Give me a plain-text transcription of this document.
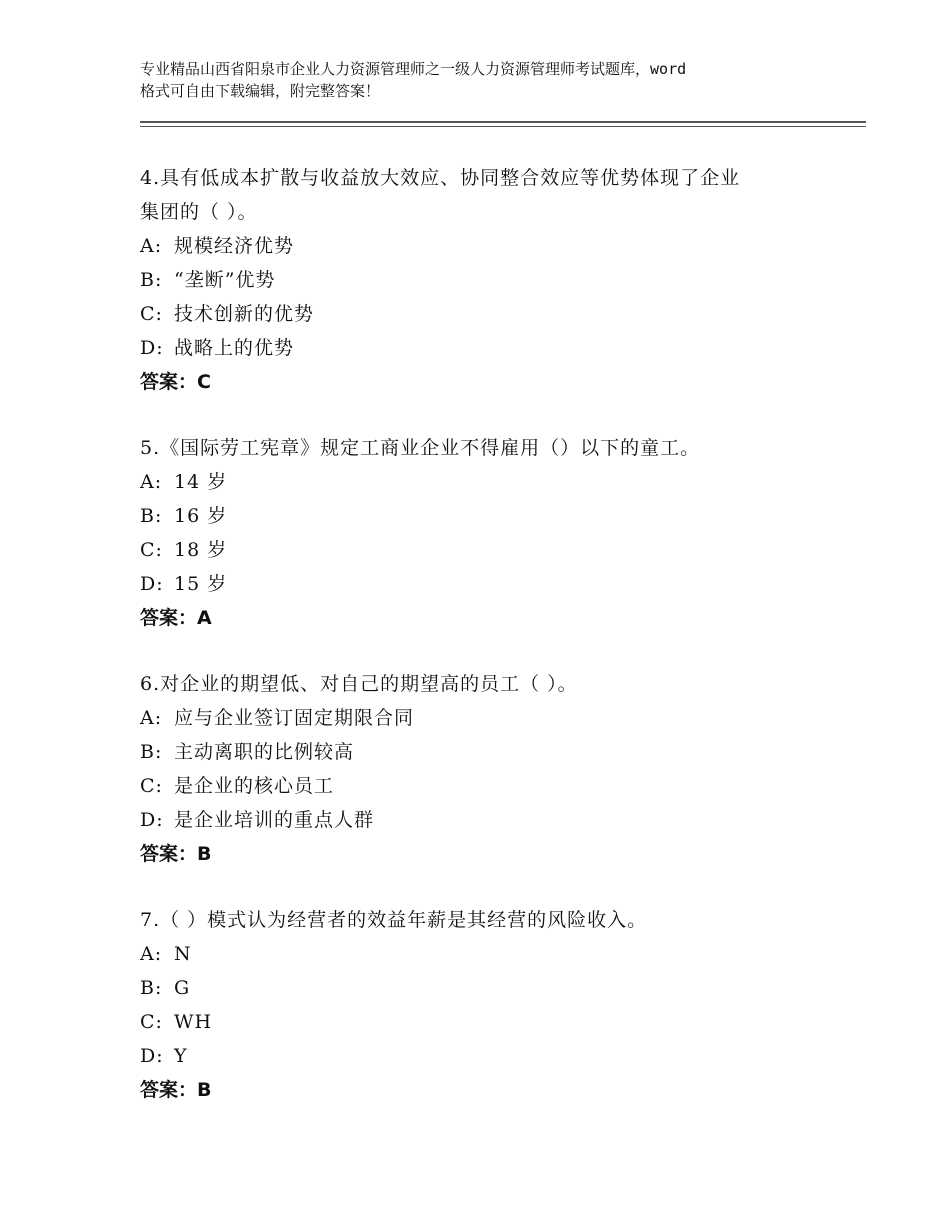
专业精品山西省阳泉市企业人力资源管理师之一级人力资源管理师考试题库，word
格式可自由下载编辑，附完整答案！

4.具有低成本扩散与收益放大效应、协同整合效应等优势体现了企业

集团的（ ）。

A: 规模经济优势

B: “垄断”优势

C: 技术创新的优势

D: 战略上的优势

答案：C

5.《国际劳工宪章》规定工商业企业不得雇用（）以下的童工。

A: 14 岁

B: 16 岁

C: 18 岁

D: 15 岁

答案：A

6.对企业的期望低、对自己的期望高的员工（ ）。

A: 应与企业签订固定期限合同

B: 主动离职的比例较高

C: 是企业的核心员工

D: 是企业培训的重点人群

答案：B

7.（ ）模式认为经营者的效益年薪是其经营的风险收入。

A: N

B: G

C: WH

D: Y

答案：B
